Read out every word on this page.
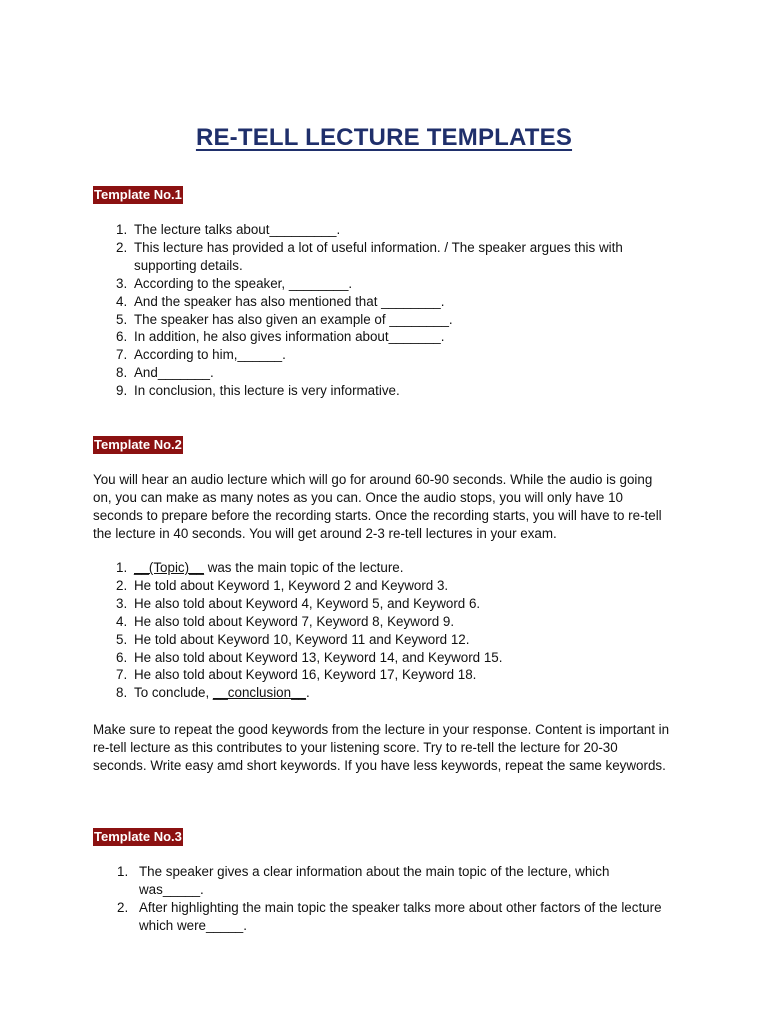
RE-TELL LECTURE TEMPLATES
Template No.1
1. The lecture talks about_________.
2. This lecture has provided a lot of useful information. / The speaker argues this with supporting details.
3. According to the speaker, ________.
4. And the speaker has also mentioned that ________.
5. The speaker has also given an example of ________.
6. In addition, he also gives information about_______.
7. According to him,______.
8. And_______.
9. In conclusion, this lecture is very informative.
Template No.2

You will hear an audio lecture which will go for around 60-90 seconds. While the audio is going on, you can make as many notes as you can. Once the audio stops, you will only have 10 seconds to prepare before the recording starts. Once the recording starts, you will have to re-tell the lecture in 40 seconds. You will get around 2-3 re-tell lectures in your exam.

1. __(Topic)__ was the main topic of the lecture.
2. He told about Keyword 1, Keyword 2 and Keyword 3.
3. He also told about Keyword 4, Keyword 5, and Keyword 6.
4. He also told about Keyword 7, Keyword 8, Keyword 9.
5. He told about Keyword 10, Keyword 11 and Keyword 12.
6. He also told about Keyword 13, Keyword 14, and Keyword 15.
7. He also told about Keyword 16, Keyword 17, Keyword 18.
8. To conclude, __conclusion__.

Make sure to repeat the good keywords from the lecture in your response. Content is important in re-tell lecture as this contributes to your listening score. Try to re-tell the lecture for 20-30 seconds. Write easy amd short keywords. If you have less keywords, repeat the same keywords.

Template No.3
1. The speaker gives a clear information about the main topic of the lecture, which was_____.
2. After highlighting the main topic the speaker talks more about other factors of the lecture which were_____.
